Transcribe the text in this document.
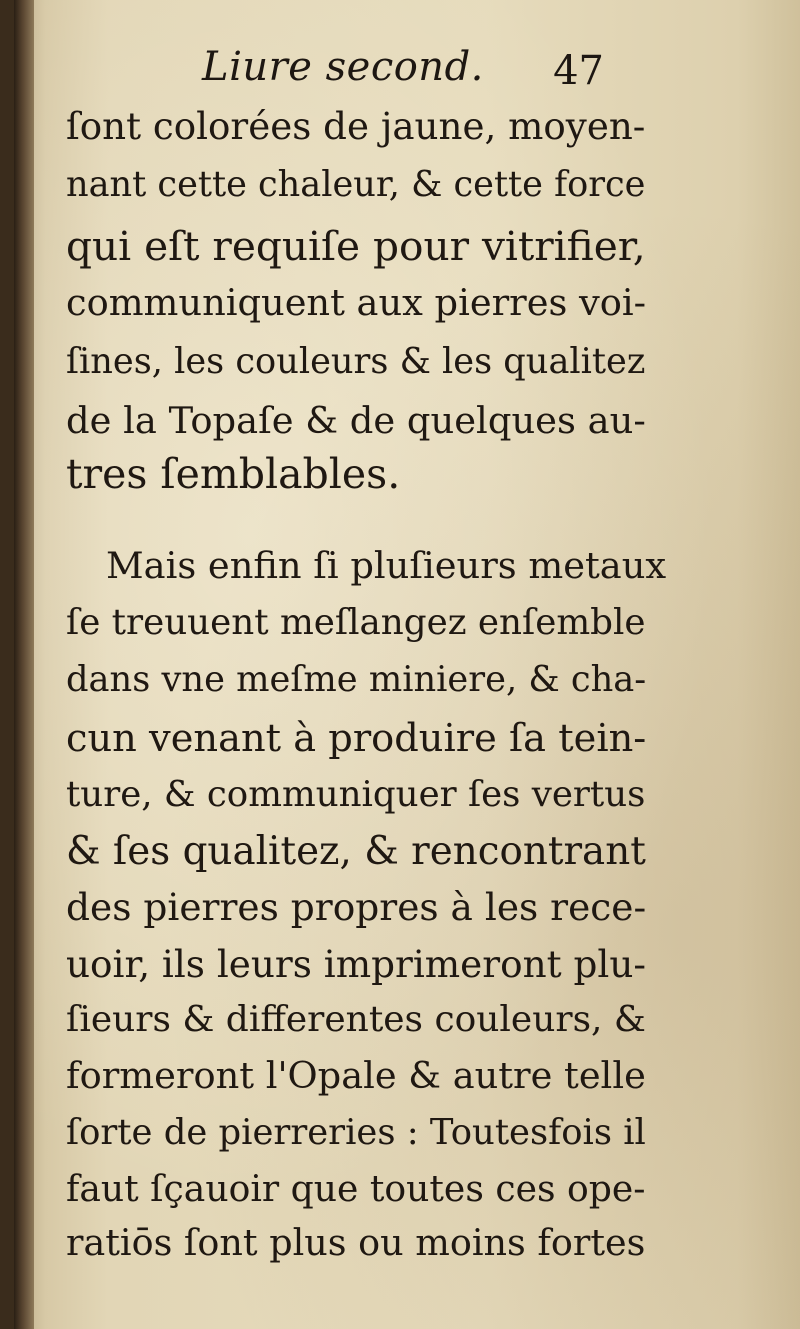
Liure second. 47
ſont colorées de jaune, moyen-
nant cette chaleur, & cette force
qui eſt requiſe pour vitrifier,
communiquent aux pierres voi-
ſines, les couleurs & les qualitez
de la Topaſe & de quelques au-
tres ſemblables.
Mais enfin ſi pluſieurs metaux
ſe treuuent meſlangez enſemble
dans vne meſme miniere, & cha-
cun venant à produire ſa tein-
ture, & communiquer ſes vertus
& ſes qualitez, & rencontrant
des pierres propres à les rece-
uoir, ils leurs imprimeront plu-
ſieurs & differentes couleurs, &
formeront l'Opale & autre telle
ſorte de pierreries : Toutesfois il
faut ſçauoir que toutes ces ope-
ratiōs ſont plus ou moins fortes
